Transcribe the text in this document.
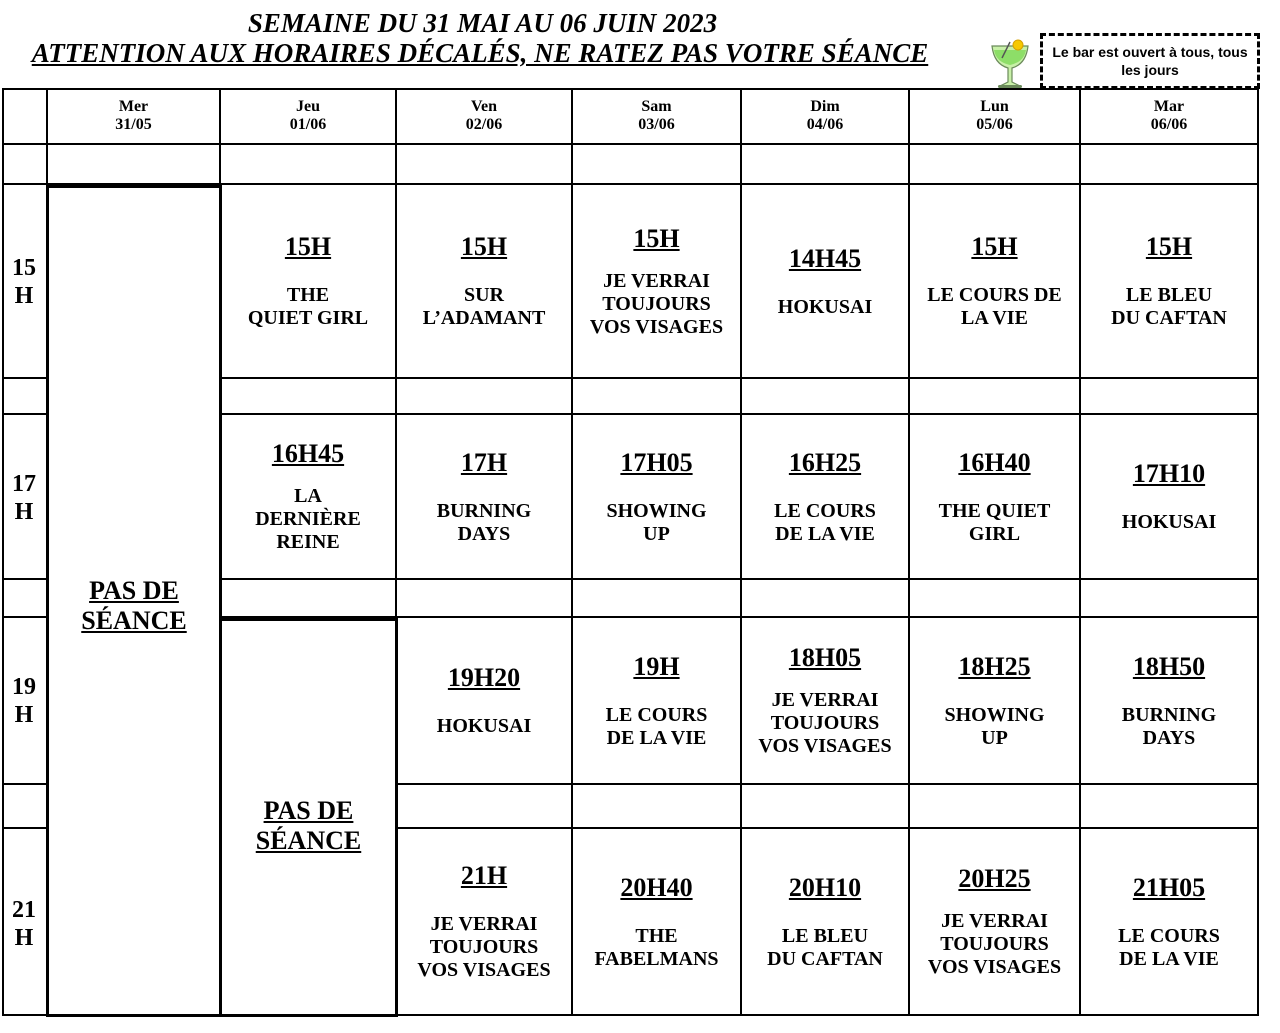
SEMAINE DU 31 MAI AU 06 JUIN 2023
ATTENTION AUX HORAIRES DÉCALÉS, NE RATEZ PAS VOTRE SÉANCE	Le bar est ouvert à tous, tous les jours
Mer
31/05
Jeu
01/06
Ven
02/06
Sam
03/06
Dim
04/06
Lun
05/06
Mar
06/06
15
H
17
H
19
H
21
H
PAS DE
SÉANCE
PAS DE
SÉANCE
15H
THE
QUIET GIRL
16H45
LA
DERNIÈRE
REINE
15H
SUR
L’ADAMANT
17H
BURNING
DAYS
19H20
HOKUSAI
21H
JE VERRAI
TOUJOURS
VOS VISAGES
15H
JE VERRAI
TOUJOURS
VOS VISAGES
17H05
SHOWING
UP
19H
LE COURS
DE LA VIE
20H40
THE
FABELMANS
14H45
HOKUSAI
16H25
LE COURS
DE LA VIE
18H05
JE VERRAI
TOUJOURS
VOS VISAGES
20H10
LE BLEU
DU CAFTAN
15H
LE COURS DE
LA VIE
16H40
THE QUIET
GIRL
18H25
SHOWING
UP
20H25
JE VERRAI
TOUJOURS
VOS VISAGES
15H
LE BLEU
DU CAFTAN
17H10
HOKUSAI
18H50
BURNING
DAYS
21H05
LE COURS
DE LA VIE
